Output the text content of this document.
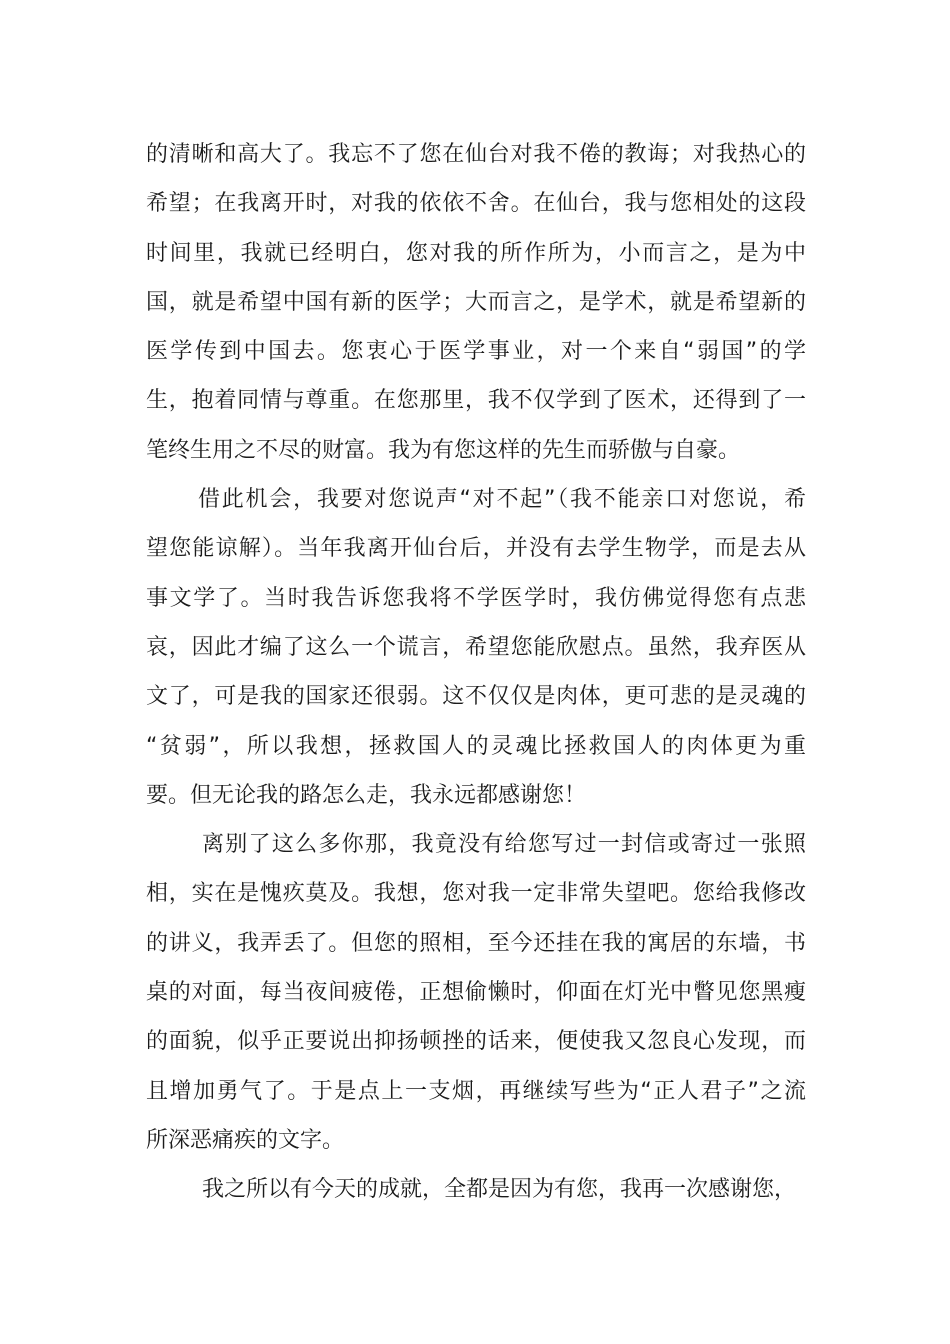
的清晰和高大了。我忘不了您在仙台对我不倦的教诲；对我热心的
希望；在我离开时，对我的依依不舍。在仙台，我与您相处的这段
时间里，我就已经明白，您对我的所作所为，小而言之，是为中
国，就是希望中国有新的医学；大而言之，是学术，就是希望新的
医学传到中国去。您衷心于医学事业，对一个来自“弱国”的学
生，抱着同情与尊重。在您那里，我不仅学到了医术，还得到了一
笔终生用之不尽的财富。我为有您这样的先生而骄傲与自豪。
借此机会，我要对您说声“对不起”（我不能亲口对您说，希
望您能谅解）。当年我离开仙台后，并没有去学生物学，而是去从
事文学了。当时我告诉您我将不学医学时，我仿佛觉得您有点悲
哀，因此才编了这么一个谎言，希望您能欣慰点。虽然，我弃医从
文了，可是我的国家还很弱。这不仅仅是肉体，更可悲的是灵魂的
“贫弱”，所以我想，拯救国人的灵魂比拯救国人的肉体更为重
要。但无论我的路怎么走，我永远都感谢您！
离别了这么多你那，我竟没有给您写过一封信或寄过一张照
相，实在是愧疚莫及。我想，您对我一定非常失望吧。您给我修改
的讲义，我弄丢了。但您的照相，至今还挂在我的寓居的东墙，书
桌的对面，每当夜间疲倦，正想偷懒时，仰面在灯光中瞥见您黑瘦
的面貌，似乎正要说出抑扬顿挫的话来，便使我又忽良心发现，而
且增加勇气了。于是点上一支烟，再继续写些为“正人君子”之流
所深恶痛疾的文字。
我之所以有今天的成就，全都是因为有您，我再一次感谢您，
